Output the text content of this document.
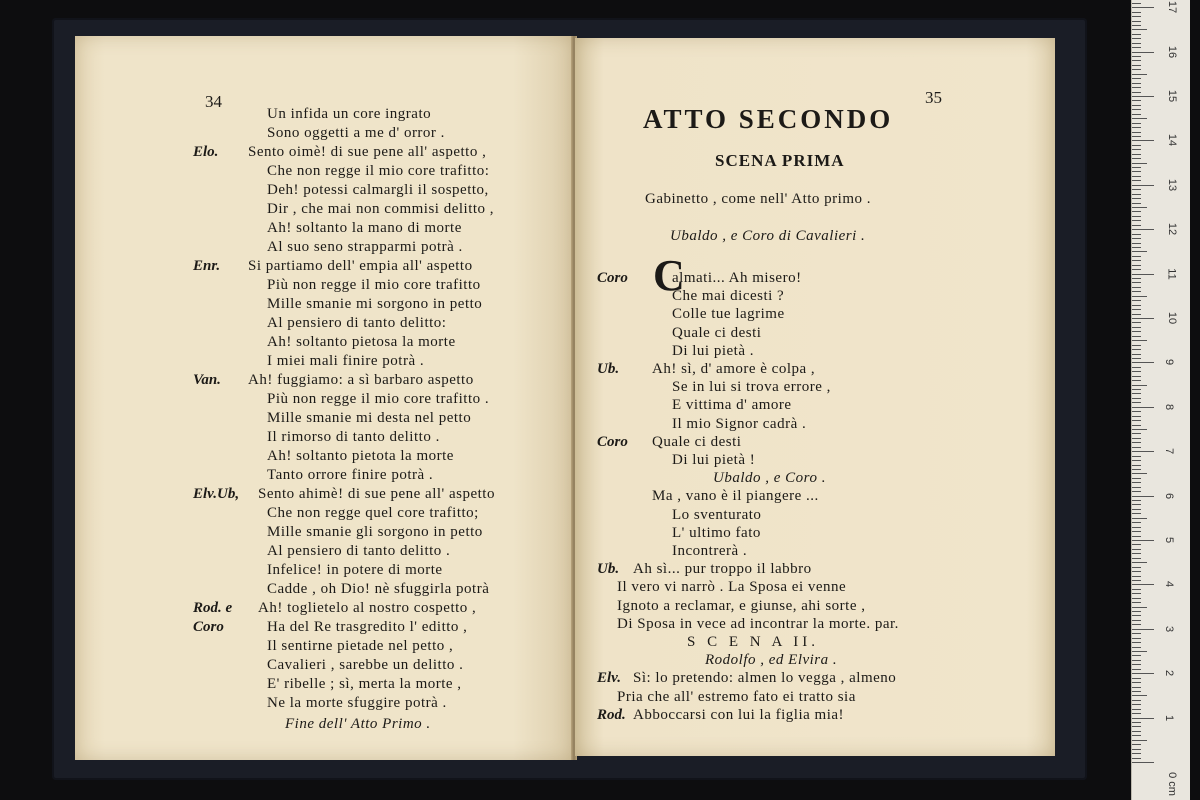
34
Un infida un core ingrato
Sono oggetti a me d' orror .
Elo. Sento oimè! di sue pene all' aspetto ,
Che non regge il mio core trafitto:
Deh! potessi calmargli il sospetto,
Dir , che mai non commisi delitto ,
Ah! soltanto la mano di morte
Al suo seno strapparmi potrà .
Enr. Si partiamo dell' empia all' aspetto
Più non regge il mio core trafitto
Mille smanie mi sorgono in petto
Al pensiero di tanto delitto:
Ah! soltanto pietosa la morte
I miei mali finire potrà .
Van. Ah! fuggiamo: a sì barbaro aspetto
Più non regge il mio core trafitto .
Mille smanie mi desta nel petto
Il rimorso di tanto delitto .
Ah! soltanto pietota la morte
Tanto orrore finire potrà .
Elv.Ub, Sento ahimè! di sue pene all' aspetto
Che non regge quel core trafitto;
Mille smanie gli sorgono in petto
Al pensiero di tanto delitto .
Infelice! in potere di morte
Cadde , oh Dio! nè sfuggirla potrà
Rod. e Ah! toglietelo al nostro cospetto ,
Coro	Ha del Re trasgredito l' editto ,
Il sentirne pietade nel petto ,
Cavalieri , sarebbe un delitto .
E' ribelle ; sì, merta la morte ,
Ne la morte sfuggire potrà .
Fine dell' Atto Primo .
35
ATTO SECONDO
SCENA PRIMA
Gabinetto , come nell' Atto primo .
Ubaldo , e Coro di Cavalieri .
C
Coro	almati... Ah misero!
Che mai dicesti ?
Colle tue lagrime
Quale ci desti
Di lui pietà .
Ub. Ah! sì, d' amore è colpa ,
Se in lui si trova errore ,
E vittima d' amore
Il mio Signor cadrà .
Coro Quale ci desti
Di lui pietà !
Ubaldo , e Coro .
Ma , vano è il piangere ...
Lo sventurato
L' ultimo fato
Incontrerà .
Ub. Ah sì... pur troppo il labbro
Il vero vi narrò . La Sposa ei venne
Ignoto a reclamar, e giunse, ahi sorte ,
Di Sposa in vece ad incontrar la morte. par.
S C E N A II.
Rodolfo , ed Elvira .
Elv. Sì: lo pretendo: almen lo vegga , almeno
Pria che all' estremo fato ei tratto sia
Rod. Abboccarsi con lui la figlia mia!
0 cm
17
16
15
14
13
12
11
10
9
8
7
6
5
4
3
2
1
